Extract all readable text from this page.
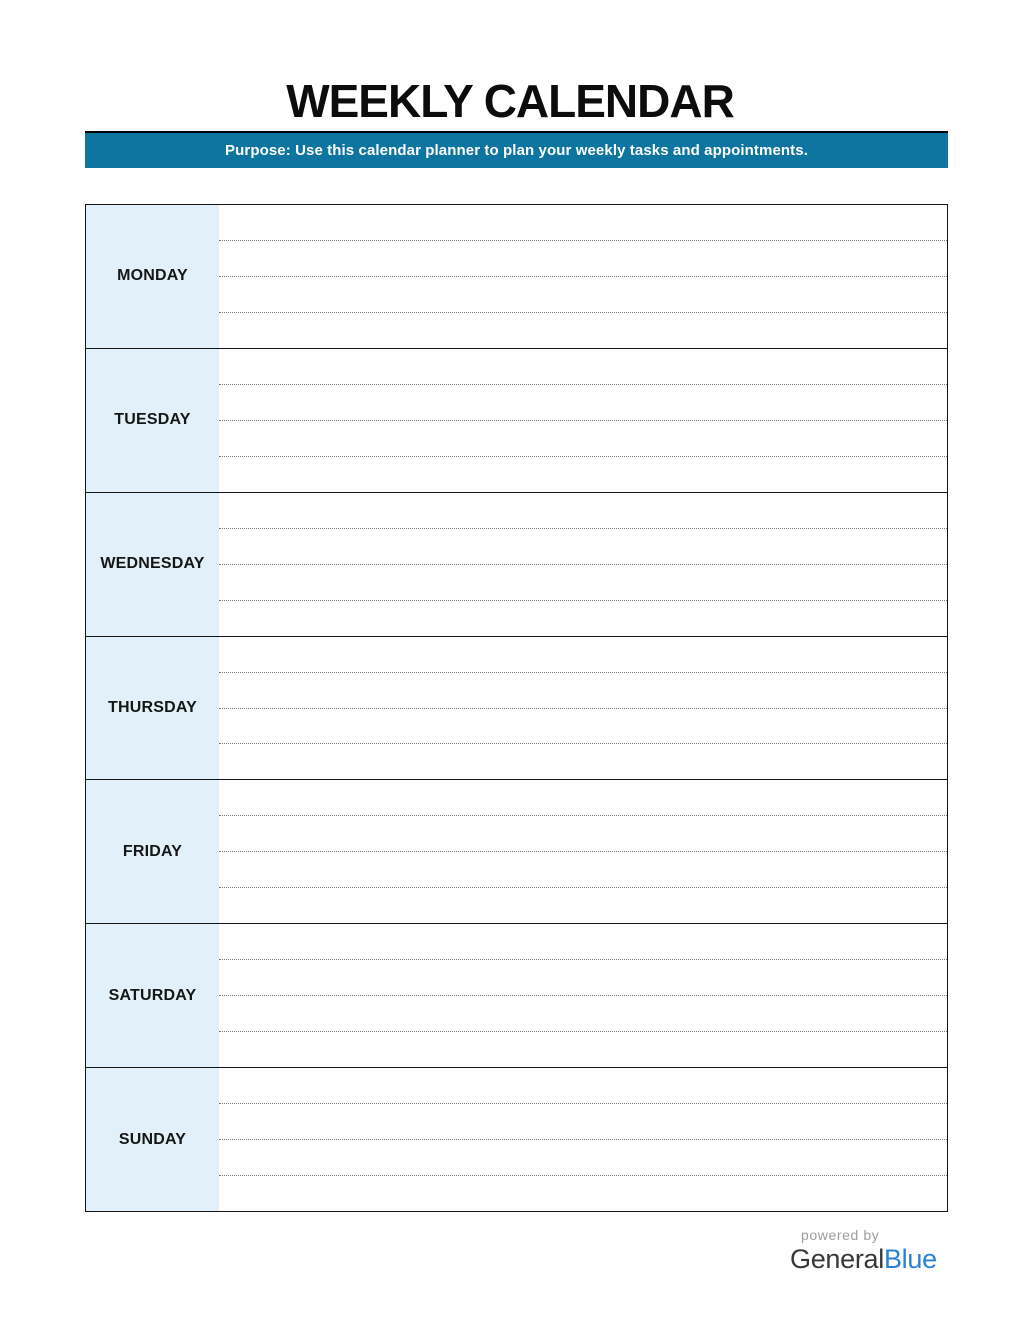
WEEKLY CALENDAR
Purpose: Use this calendar planner to plan your weekly tasks and appointments.
MONDAY
TUESDAY
WEDNESDAY
THURSDAY
FRIDAY
SATURDAY
SUNDAY
powered by
GeneralBlue
